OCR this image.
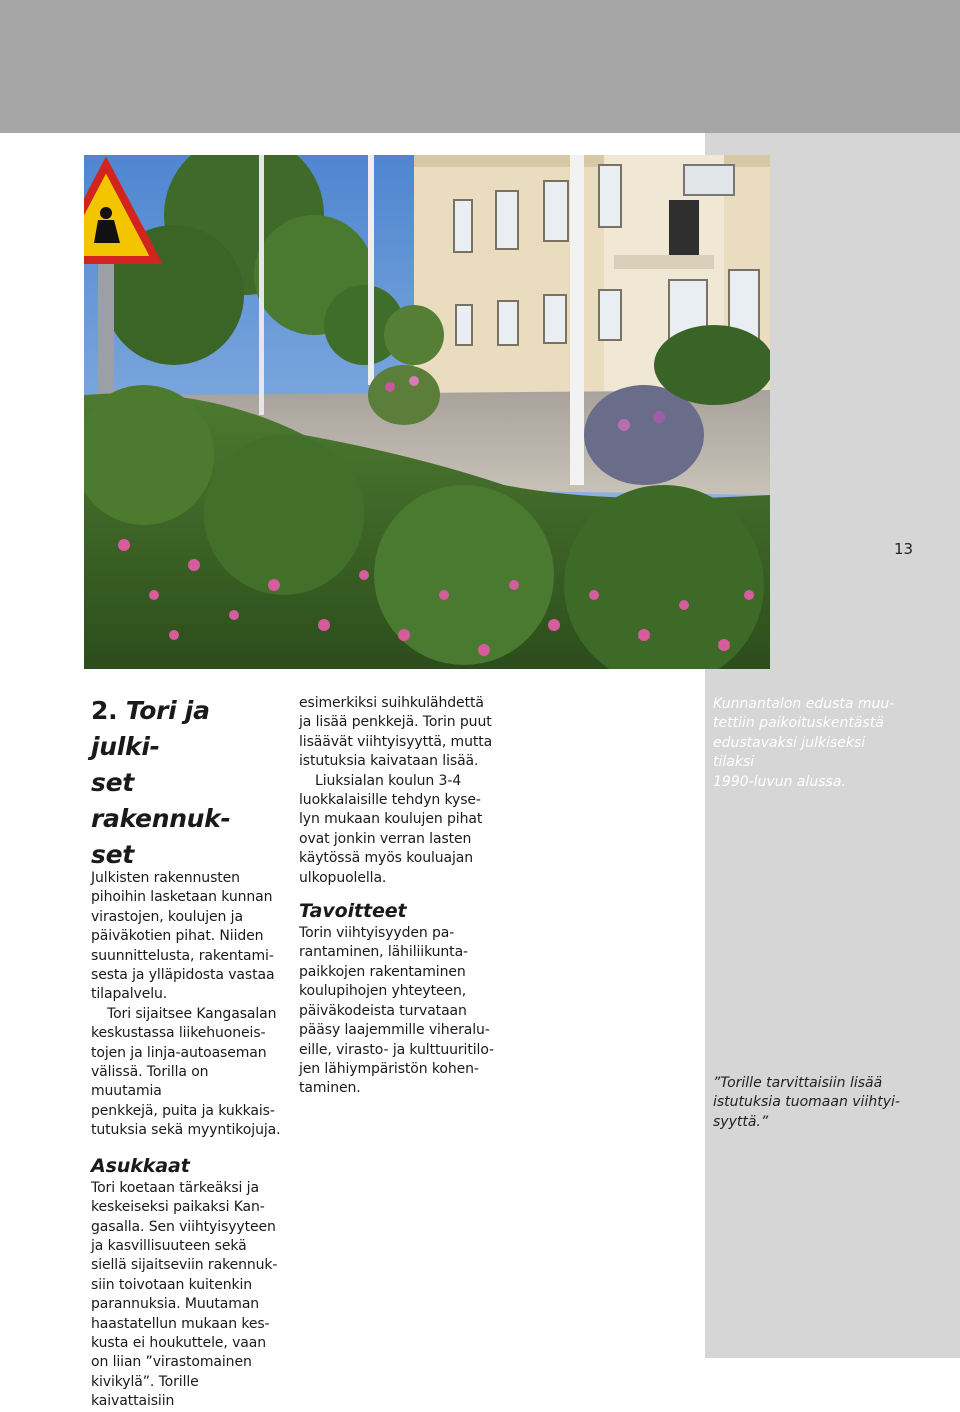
13
2. Tori ja julki-
set rakennuk-
set

Julkisten rakennusten
pihoihin lasketaan kunnan
virastojen, koulujen ja
päiväkotien pihat. Niiden
suunnittelusta, rakentami-
sesta ja ylläpidosta vastaa
tilapalvelu.

Tori sijaitsee Kangasalan
keskustassa liikehuoneis-
tojen ja linja-autoaseman
välissä. Torilla on muutamia
penkkejä, puita ja kukkais-
tutuksia sekä myyntikojuja.

Asukkaat

Tori koetaan tärkeäksi ja
keskeiseksi paikaksi Kan-
gasalla. Sen viihtyisyyteen
ja kasvillisuuteen sekä
siellä sijaitseviin rakennuk-
siin toivotaan kuitenkin
parannuksia. Muutaman
haastatellun mukaan kes-
kusta ei houkuttele, vaan
on liian ”virastomainen
kivikylä”. Torille kaivattaisiin

esimerkiksi suihkulähdettä
ja lisää penkkejä. Torin puut
lisäävät viihtyisyyttä, mutta
istutuksia kaivataan lisää.

Liuksialan koulun 3-4
luokkalaisille tehdyn kyse-
lyn mukaan koulujen pihat
ovat jonkin verran lasten
käytössä myös kouluajan
ulkopuolella.

Tavoitteet

Torin viihtyisyyden pa-
rantaminen, lähiliikunta-
paikkojen rakentaminen
koulupihojen yhteyteen,
päiväkodeista turvataan
pääsy laajemmille viheralu-
eille, virasto- ja kulttuuritilo-
jen lähiympäristön kohen-
taminen.

Kunnantalon edusta muu-
tettiin paikoituskentästä
edustavaksi julkiseksi tilaksi
1990-luvun alussa.
”Torille tarvittaisiin lisää
istutuksia tuomaan viihtyi-
syyttä.”
